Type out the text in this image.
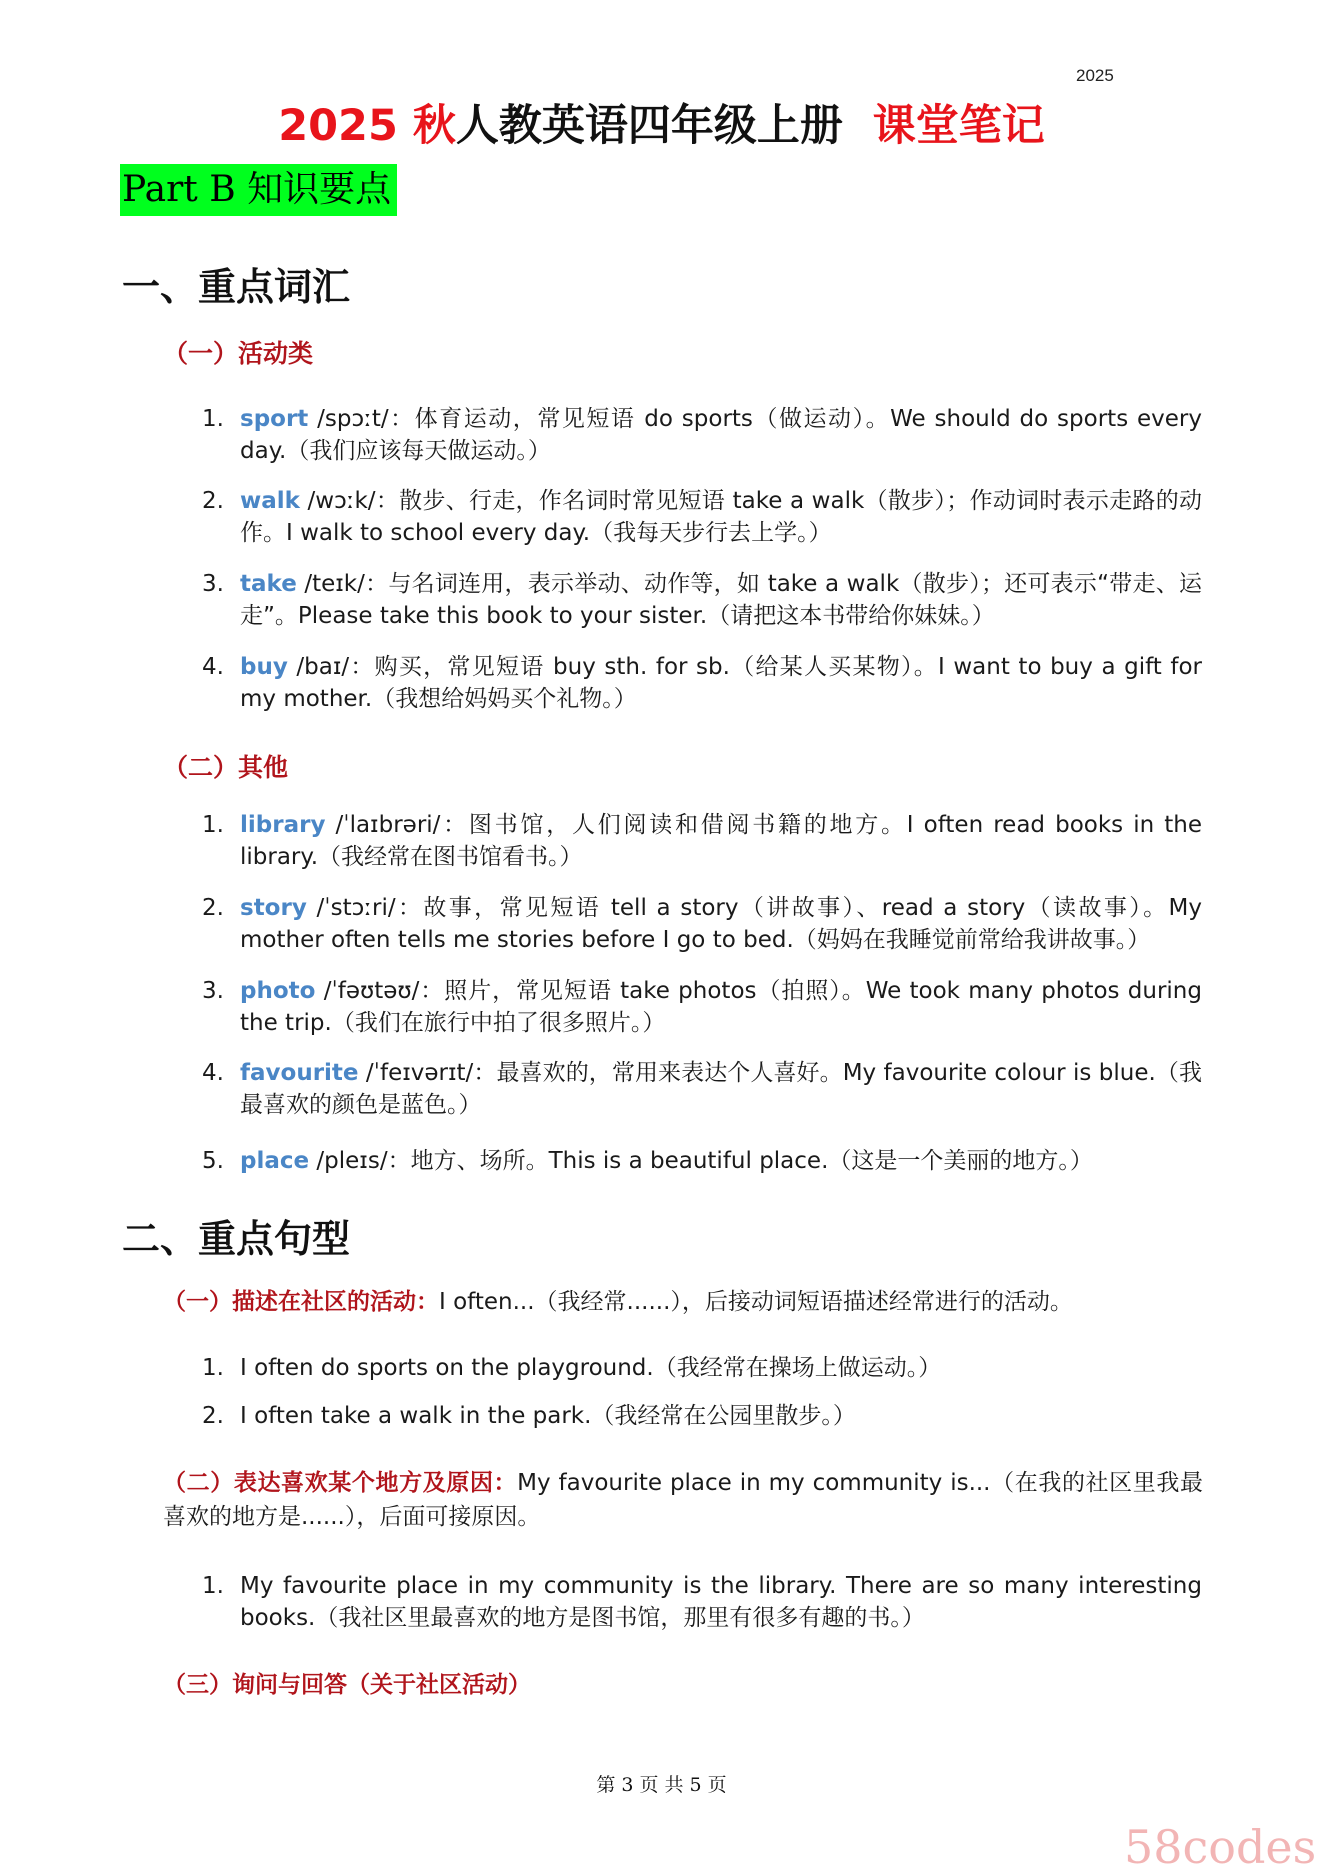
2025
2025 秋人教英语四年级上册 课堂笔记
Part B 知识要点
一、重点词汇
（一）活动类
1. sport /spɔːt/：体育运动，常见短语 do sports（做运动）。We should do sports every day.（我们应该每天做运动。）
2. walk /wɔːk/：散步、行走，作名词时常见短语 take a walk（散步）；作动词时表示走路的动作。I walk to school every day.（我每天步行去上学。）
3. take /teɪk/：与名词连用，表示举动、动作等，如 take a walk（散步）；还可表示“带走、运走”。Please take this book to your sister.（请把这本书带给你妹妹。）
4. buy /baɪ/：购买，常见短语 buy sth. for sb.（给某人买某物）。I want to buy a gift for my mother.（我想给妈妈买个礼物。）
（二）其他
1. library /ˈlaɪbrəri/：图书馆，人们阅读和借阅书籍的地方。I often read books in the library.（我经常在图书馆看书。）
2. story /ˈstɔːri/：故事，常见短语 tell a story（讲故事）、read a story（读故事）。My mother often tells me stories before I go to bed.（妈妈在我睡觉前常给我讲故事。）
3. photo /ˈfəʊtəʊ/：照片，常见短语 take photos（拍照）。We took many photos during the trip.（我们在旅行中拍了很多照片。）
4. favourite /ˈfeɪvərɪt/：最喜欢的，常用来表达个人喜好。My favourite colour is blue.（我最喜欢的颜色是蓝色。）
5. place /pleɪs/：地方、场所。This is a beautiful place.（这是一个美丽的地方。）
二、重点句型
（一）描述在社区的活动：I often...（我经常......），后接动词短语描述经常进行的活动。
1. I often do sports on the playground.（我经常在操场上做运动。）
2. I often take a walk in the park.（我经常在公园里散步。）
（二）表达喜欢某个地方及原因：My favourite place in my community is...（在我的社区里我最喜欢的地方是......），后面可接原因。
1. My favourite place in my community is the library. There are so many interesting books.（我社区里最喜欢的地方是图书馆，那里有很多有趣的书。）
（三）询问与回答（关于社区活动）
第 3 页 共 5 页
58codes
